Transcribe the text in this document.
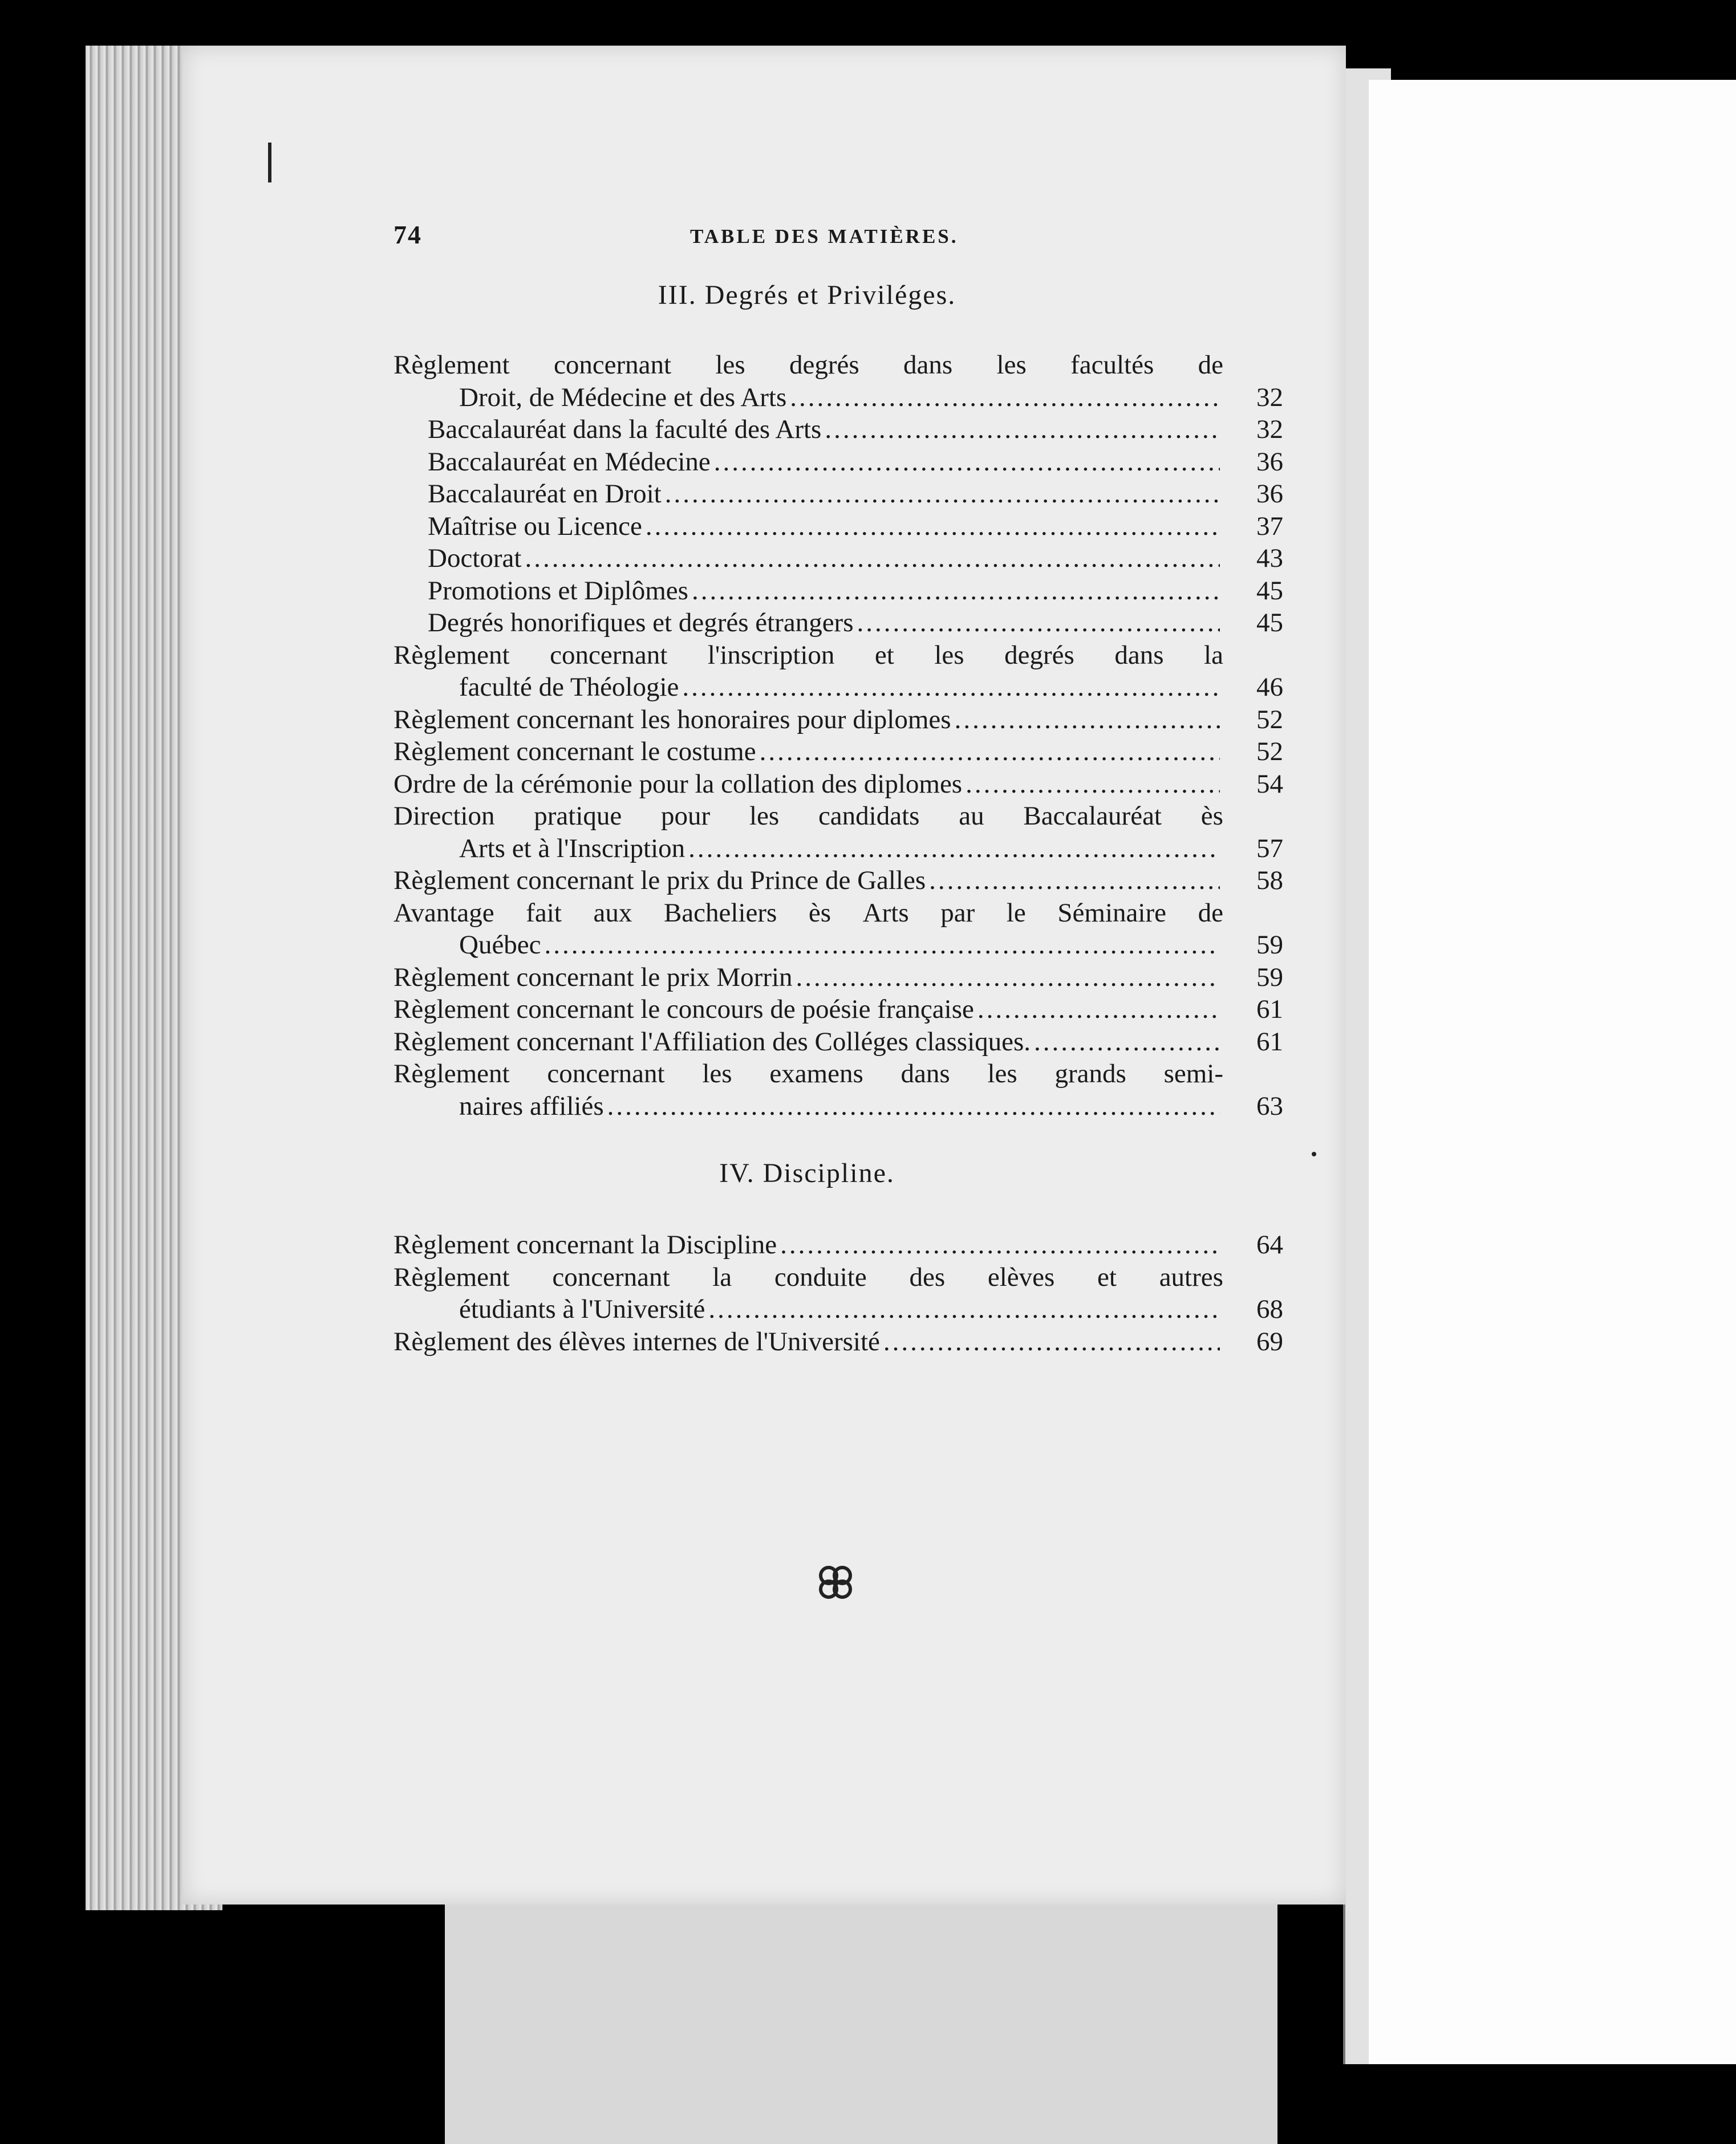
74	TABLE DES MATIÈRES.
III. Degrés et Priviléges.
Règlement concernant les degrés dans les facultés de
Droit, de Médecine et des Arts .....	32
Baccalauréat dans la faculté des Arts .....	32
Baccalauréat en Médecine .....	36
Baccalauréat en Droit .....	36
Maîtrise ou Licence .....	37
Doctorat .....	43
Promotions et Diplômes .....	45
Degrés honorifiques et degrés étrangers .....	45
Règlement concernant l'inscription et les degrés dans la
faculté de Théologie .....	46
Règlement concernant les honoraires pour diplomes .....	52
Règlement concernant le costume .....	52
Ordre de la cérémonie pour la collation des diplomes .....	54
Direction pratique pour les candidats au Baccalauréat ès
Arts et à l'Inscription .....	57
Règlement concernant le prix du Prince de Galles .....	58
Avantage fait aux Bacheliers ès Arts par le Séminaire de
Québec .....	59
Règlement concernant le prix Morrin .....	59
Règlement concernant le concours de poésie française .....	61
Règlement concernant l'Affiliation des Colléges classiques. .....	61
Règlement concernant les examens dans les grands semi-
naires affiliés .....	63
IV. Discipline.
Règlement concernant la Discipline .....	64
Règlement concernant la conduite des elèves et autres
étudiants à l'Université .....	68
Règlement des élèves internes de l'Université .....	69
